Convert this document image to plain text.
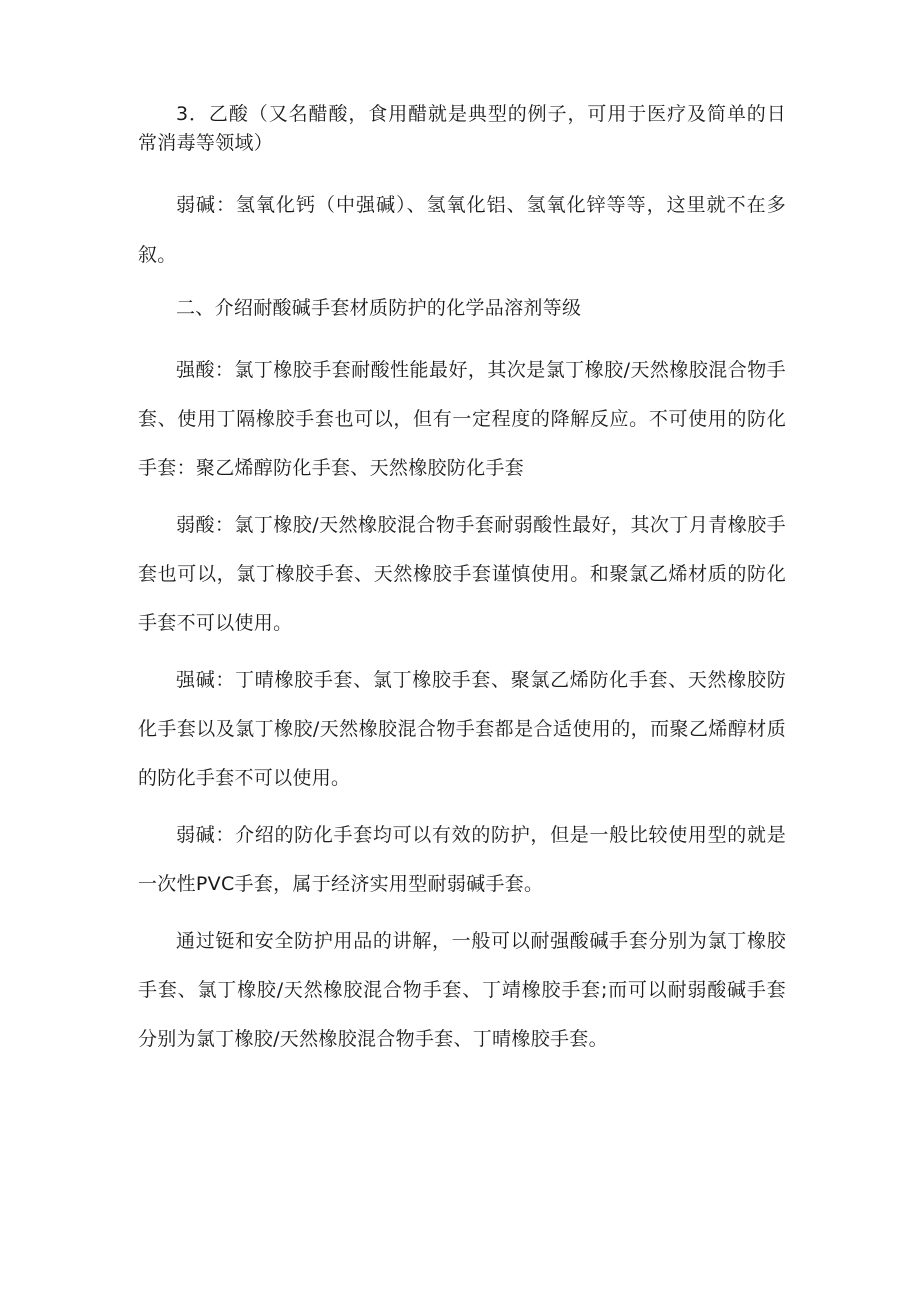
3．乙酸（又名醋酸，食用醋就是典型的例子，可用于医疗及简单的日常消毒等领域）

弱碱：氢氧化钙（中强碱）、氢氧化铝、氢氧化锌等等，这里就不在多叙。

二、介绍耐酸碱手套材质防护的化学品溶剂等级

强酸：氯丁橡胶手套耐酸性能最好，其次是氯丁橡胶/天然橡胶混合物手套、使用丁隔橡胶手套也可以，但有一定程度的降解反应。不可使用的防化手套：聚乙烯醇防化手套、天然橡胶防化手套

弱酸：氯丁橡胶/天然橡胶混合物手套耐弱酸性最好，其次丁月青橡胶手套也可以，氯丁橡胶手套、天然橡胶手套谨慎使用。和聚氯乙烯材质的防化手套不可以使用。

强碱：丁晴橡胶手套、氯丁橡胶手套、聚氯乙烯防化手套、天然橡胶防化手套以及氯丁橡胶/天然橡胶混合物手套都是合适使用的，而聚乙烯醇材质的防化手套不可以使用。

弱碱：介绍的防化手套均可以有效的防护，但是一般比较使用型的就是一次性PVC手套，属于经济实用型耐弱碱手套。

通过铤和安全防护用品的讲解，一般可以耐强酸碱手套分别为氯丁橡胶手套、氯丁橡胶/天然橡胶混合物手套、丁靖橡胶手套;而可以耐弱酸碱手套分别为氯丁橡胶/天然橡胶混合物手套、丁晴橡胶手套。
